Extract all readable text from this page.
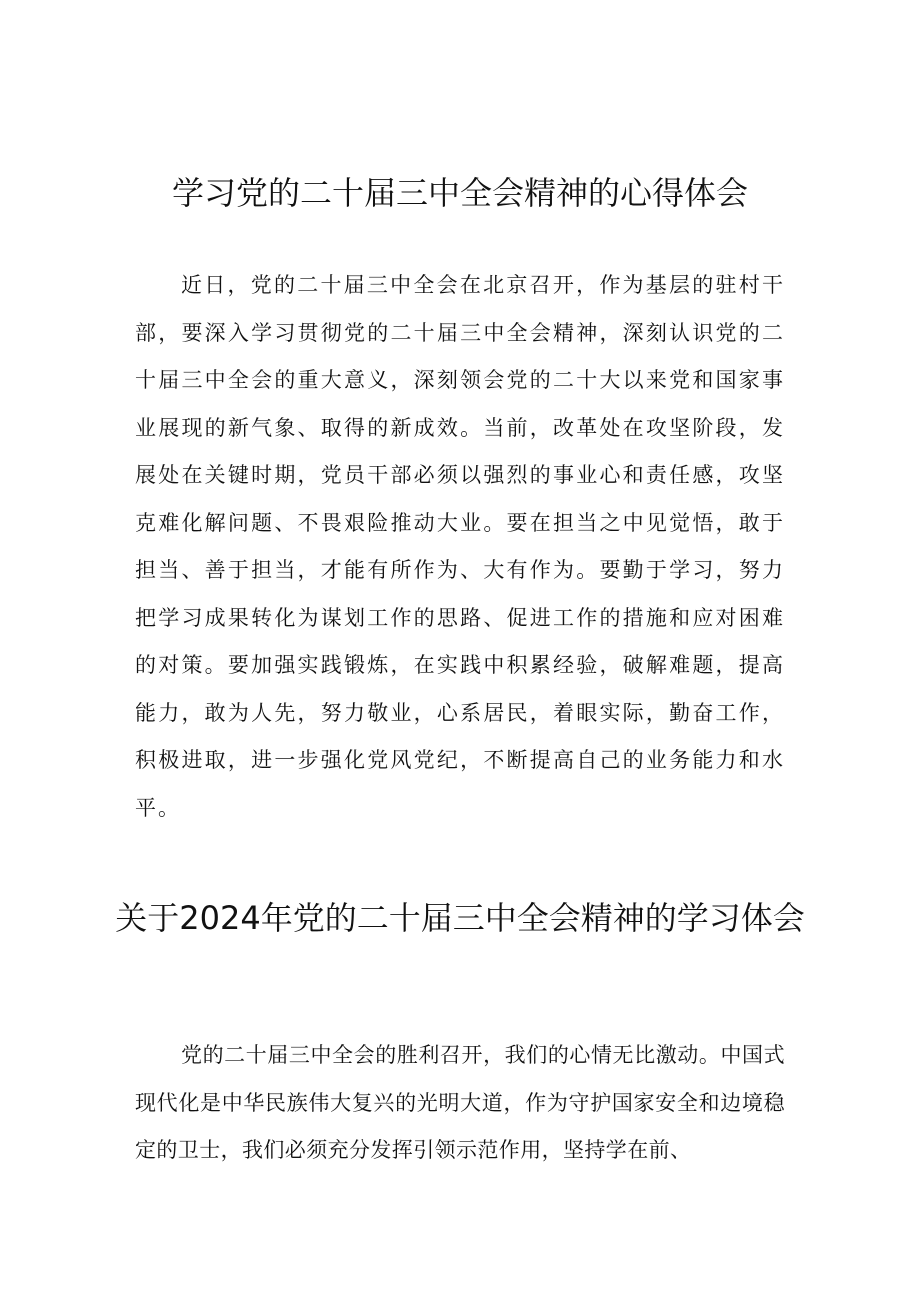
学习党的二十届三中全会精神的心得体会

近日，党的二十届三中全会在北京召开，作为基层的驻村干部，要深入学习贯彻党的二十届三中全会精神，深刻认识党的二十届三中全会的重大意义，深刻领会党的二十大以来党和国家事业展现的新气象、取得的新成效。当前，改革处在攻坚阶段，发展处在关键时期，党员干部必须以强烈的事业心和责任感，攻坚克难化解问题、不畏艰险推动大业。要在担当之中见觉悟，敢于担当、善于担当，才能有所作为、大有作为。要勤于学习，努力把学习成果转化为谋划工作的思路、促进工作的措施和应对困难的对策。要加强实践锻炼，在实践中积累经验，破解难题，提高能力，敢为人先，努力敬业，心系居民，着眼实际，勤奋工作，积极进取，进一步强化党风党纪，不断提高自己的业务能力和水平。

关于2024年党的二十届三中全会精神的学习体会

党的二十届三中全会的胜利召开，我们的心情无比激动。中国式现代化是中华民族伟大复兴的光明大道，作为守护国家安全和边境稳定的卫士，我们必须充分发挥引领示范作用，坚持学在前、
